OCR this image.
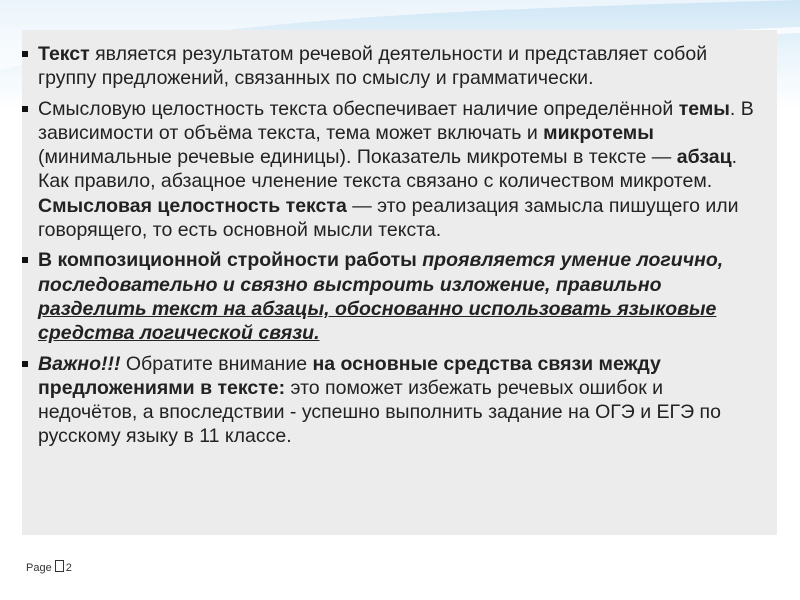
Текст является результатом речевой деятельности и представляет собой группу предложений, связанных по смыслу и грамматически.
Смысловую целостность текста обеспечивает наличие определённой темы. В зависимости от объёма текста, тема может включать и микротемы (минимальные речевые единицы). Показатель микротемы в тексте — абзац. Как правило, абзацное членение текста связано с количеством микротем. Смысловая целостность текста — это реализация замысла пишущего или говорящего, то есть основной мысли текста.
В композиционной стройности работы проявляется умение логично, последовательно и связно выстроить изложение, правильно разделить текст на абзацы, обоснованно использовать языковые средства логической связи.
Важно!!! Обратите внимание на основные средства связи между предложениями в тексте: это поможет избежать речевых ошибок и недочётов, а впоследствии - успешно выполнить задание на ОГЭ и ЕГЭ по русскому языку в 11 классе.
Page 2
